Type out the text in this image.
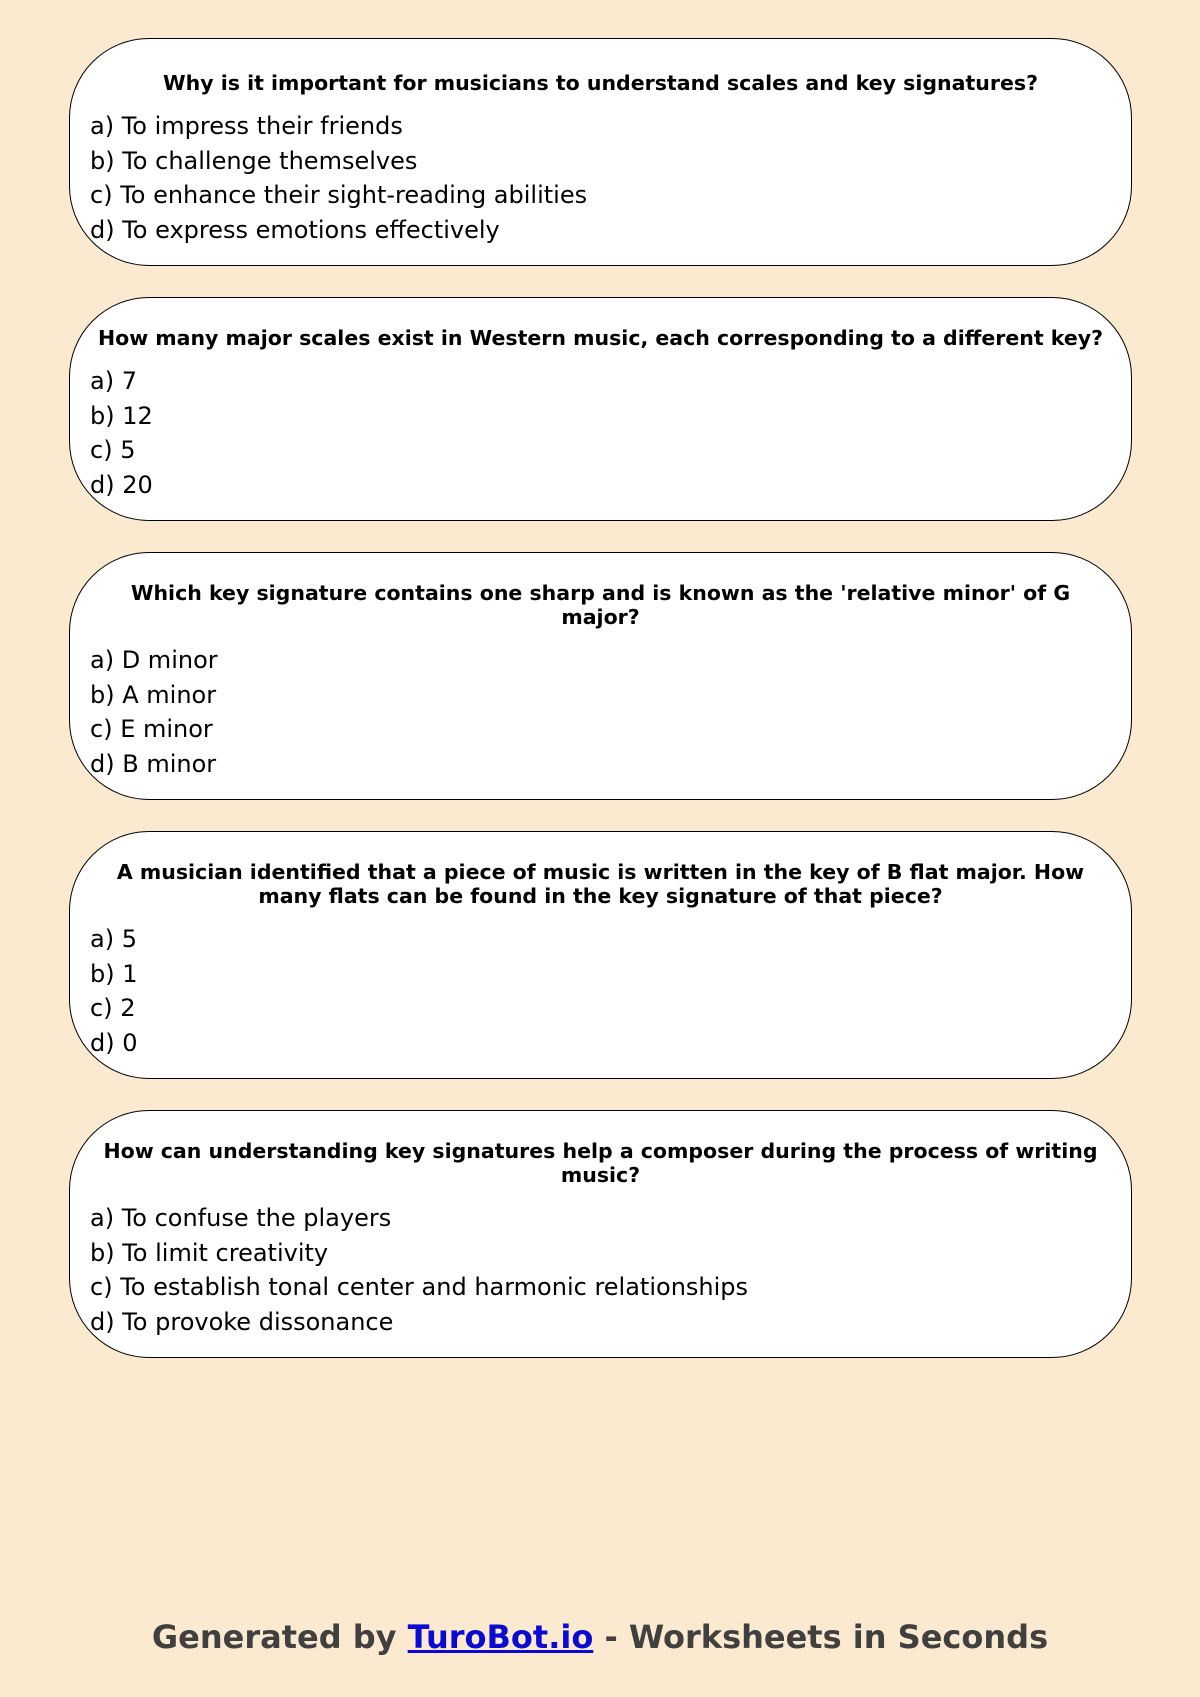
Why is it important for musicians to understand scales and key signatures?
a) To impress their friends
b) To challenge themselves
c) To enhance their sight-reading abilities
d) To express emotions effectively
How many major scales exist in Western music, each corresponding to a different key?
a) 7
b) 12
c) 5
d) 20
Which key signature contains one sharp and is known as the 'relative minor' of G major?
a) D minor
b) A minor
c) E minor
d) B minor
A musician identified that a piece of music is written in the key of B flat major. How many flats can be found in the key signature of that piece?
a) 5
b) 1
c) 2
d) 0
How can understanding key signatures help a composer during the process of writing music?
a) To confuse the players
b) To limit creativity
c) To establish tonal center and harmonic relationships
d) To provoke dissonance
Generated by TuroBot.io - Worksheets in Seconds
